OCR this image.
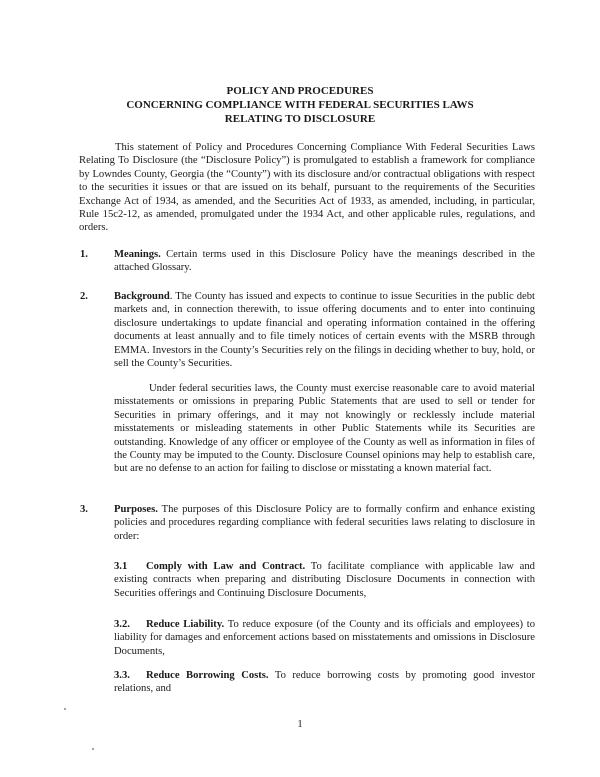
POLICY AND PROCEDURES
CONCERNING COMPLIANCE WITH FEDERAL SECURITIES LAWS
RELATING TO DISCLOSURE
This statement of Policy and Procedures Concerning Compliance With Federal Securities Laws Relating To Disclosure (the “Disclosure Policy”) is promulgated to establish a framework for compliance by Lowndes County, Georgia (the “County”) with its disclosure and/or contractual obligations with respect to the securities it issues or that are issued on its behalf, pursuant to the requirements of the Securities Exchange Act of 1934, as amended, and the Securities Act of 1933, as amended, including, in particular, Rule 15c2-12, as amended, promulgated under the 1934 Act, and other applicable rules, regulations, and orders.
1. Meanings. Certain terms used in this Disclosure Policy have the meanings described in the attached Glossary.
2. Background. The County has issued and expects to continue to issue Securities in the public debt markets and, in connection therewith, to issue offering documents and to enter into continuing disclosure undertakings to update financial and operating information contained in the offering documents at least annually and to file timely notices of certain events with the MSRB through EMMA. Investors in the County’s Securities rely on the filings in deciding whether to buy, hold, or sell the County’s Securities.
Under federal securities laws, the County must exercise reasonable care to avoid material misstatements or omissions in preparing Public Statements that are used to sell or tender for Securities in primary offerings, and it may not knowingly or recklessly include material misstatements or misleading statements in other Public Statements while its Securities are outstanding. Knowledge of any officer or employee of the County as well as information in files of the County may be imputed to the County. Disclosure Counsel opinions may help to establish care, but are no defense to an action for failing to disclose or misstating a known material fact.
3. Purposes. The purposes of this Disclosure Policy are to formally confirm and enhance existing policies and procedures regarding compliance with federal securities laws relating to disclosure in order:
3.1 Comply with Law and Contract. To facilitate compliance with applicable law and existing contracts when preparing and distributing Disclosure Documents in connection with Securities offerings and Continuing Disclosure Documents,
3.2. Reduce Liability. To reduce exposure (of the County and its officials and employees) to liability for damages and enforcement actions based on misstatements and omissions in Disclosure Documents,
3.3. Reduce Borrowing Costs. To reduce borrowing costs by promoting good investor relations, and
1
